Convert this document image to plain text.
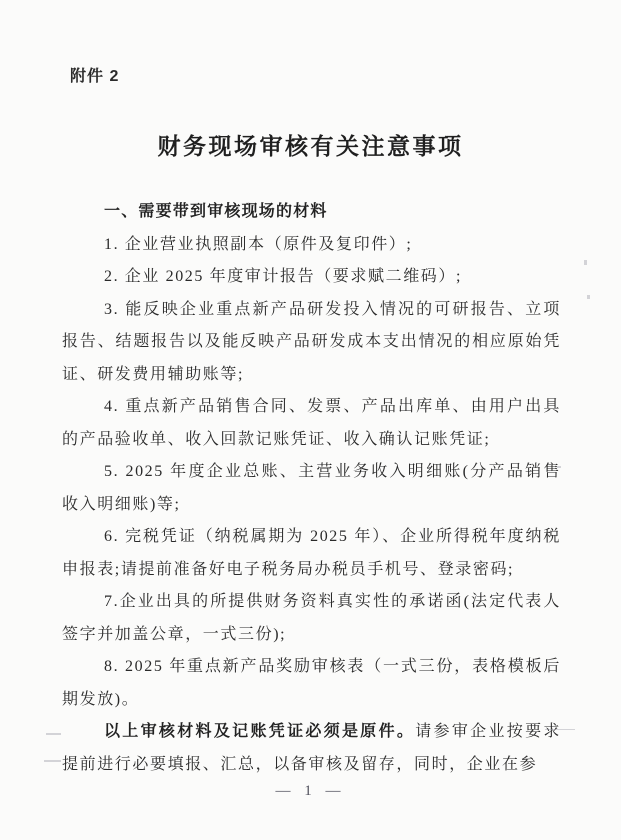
附件 2
财务现场审核有关注意事项

一、需要带到审核现场的材料

1. 企业营业执照副本（原件及复印件）;

2. 企业 2025 年度审计报告（要求赋二维码）;

3. 能反映企业重点新产品研发投入情况的可研报告、立项报告、结题报告以及能反映产品研发成本支出情况的相应原始凭证、研发费用辅助账等;

4. 重点新产品销售合同、发票、产品出库单、由用户出具的产品验收单、收入回款记账凭证、收入确认记账凭证;

5. 2025 年度企业总账、主营业务收入明细账(分产品销售收入明细账)等;

6. 完税凭证（纳税属期为 2025 年）、企业所得税年度纳税申报表;请提前准备好电子税务局办税员手机号、登录密码;

7.企业出具的所提供财务资料真实性的承诺函(法定代表人签字并加盖公章，一式三份);

8. 2025 年重点新产品奖励审核表（一式三份，表格模板后期发放)。

以上审核材料及记账凭证必须是原件。请参审企业按要求提前进行必要填报、汇总，以备审核及留存，同时，企业在参

— 1 —
